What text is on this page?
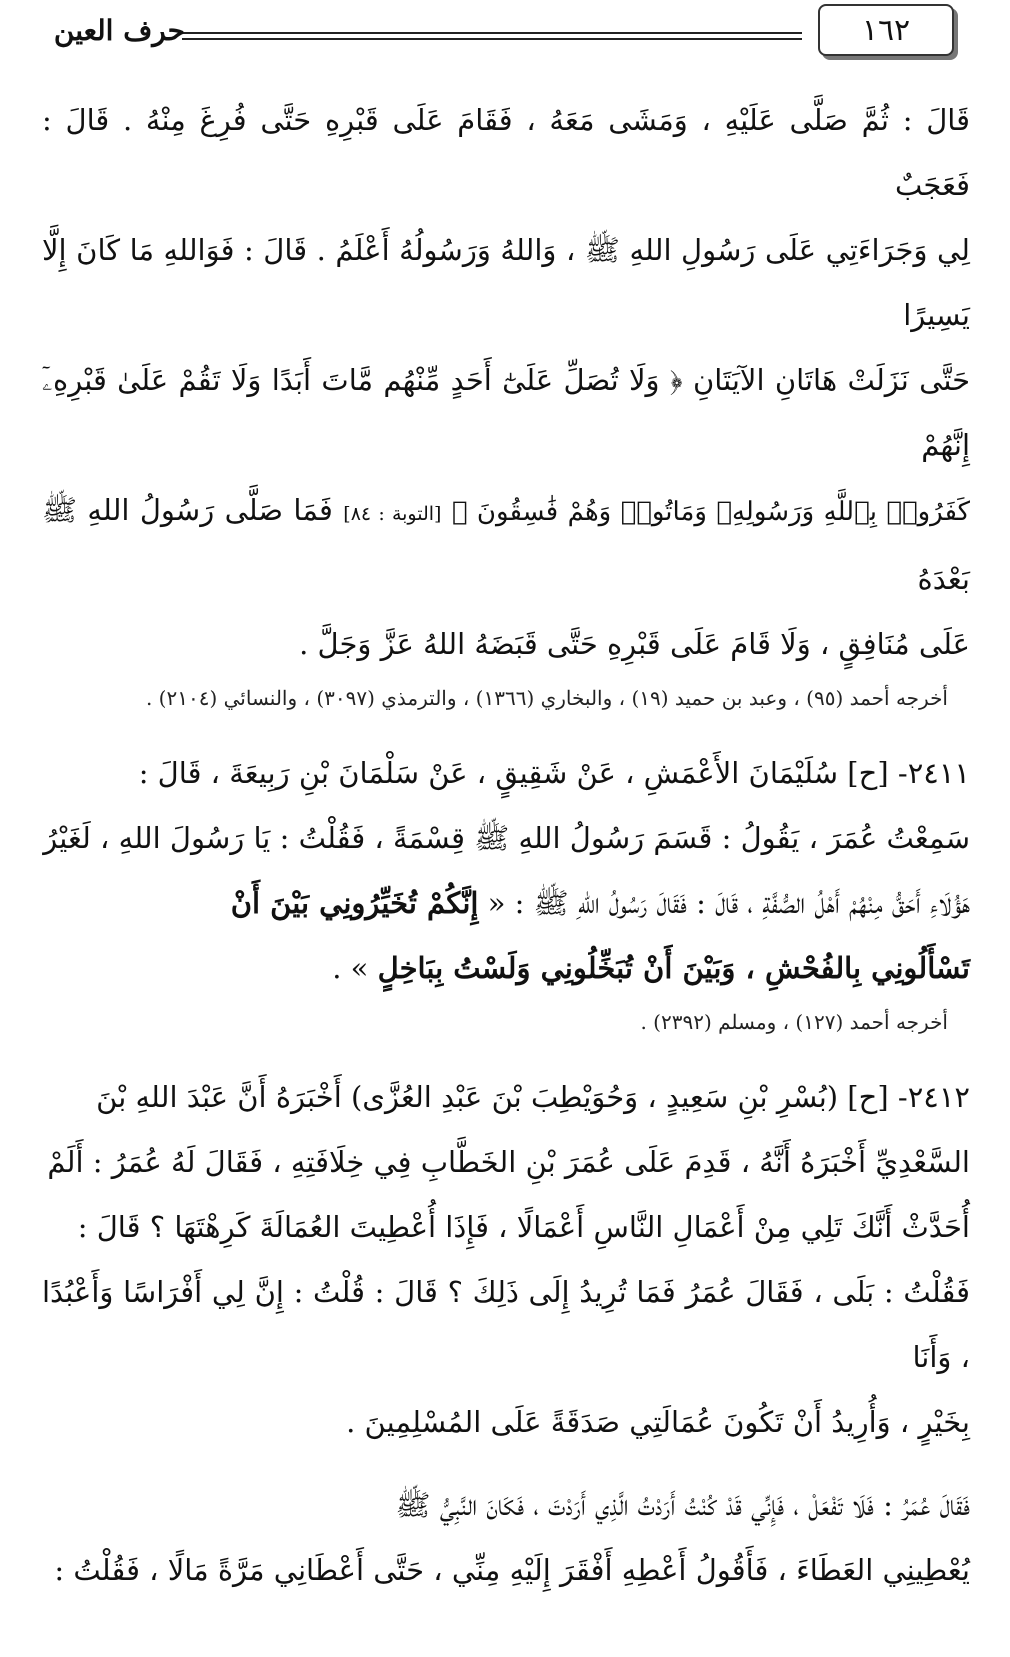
١٦٢
حرف العين

قَالَ : ثُمَّ صَلَّى عَلَيْهِ ، وَمَشَى مَعَهُ ، فَقَامَ عَلَى قَبْرِهِ حَتَّى فُرِغَ مِنْهُ . قَالَ : فَعَجَبٌ

لِي وَجَرَاءَتِي عَلَى رَسُولِ اللهِ ﷺ ، وَاللهُ وَرَسُولُهُ أَعْلَمُ . قَالَ : فَوَاللهِ مَا كَانَ إِلَّا يَسِيرًا

حَتَّى نَزَلَتْ هَاتَانِ الآيَتَانِ ﴿ وَلَا تُصَلِّ عَلَىٰٓ أَحَدٍ مِّنْهُم مَّاتَ أَبَدًا وَلَا تَقُمْ عَلَىٰ قَبْرِهِۦٓ إِنَّهُمْ

كَفَرُوا۟ بِٱللَّهِ وَرَسُولِهِۦ وَمَاتُوا۟ وَهُمْ فَٰسِقُونَ ﴾ [التوبة : ٨٤] فَمَا صَلَّى رَسُولُ اللهِ ﷺ بَعْدَهُ

عَلَى مُنَافِقٍ ، وَلَا قَامَ عَلَى قَبْرِهِ حَتَّى قَبَضَهُ اللهُ عَزَّ وَجَلَّ .

أخرجه أحمد (٩٥) ، وعبد بن حميد (١٩) ، والبخاري (١٣٦٦) ، والترمذي (٣٠٩٧) ، والنسائي (٢١٠٤) .

٢٤١١- [ح] سُلَيْمَانَ الأَعْمَشِ ، عَنْ شَقِيقٍ ، عَنْ سَلْمَانَ بْنِ رَبِيعَةَ ، قَالَ :

سَمِعْتُ عُمَرَ ، يَقُولُ : قَسَمَ رَسُولُ اللهِ ﷺ قِسْمَةً ، فَقُلْتُ : يَا رَسُولَ اللهِ ، لَغَيْرُ

هَؤُلَاءِ أَحَقُّ مِنْهُمْ أَهْلُ الصُّفَّةِ ، قَالَ : فَقَالَ رَسُولُ اللهِ ﷺ : « إِنَّكُمْ تُخَيِّرُونِي بَيْنَ أَنْ

تَسْأَلُونِي بِالفُحْشِ ، وَبَيْنَ أَنْ تُبَخِّلُونِي وَلَسْتُ بِبَاخِلٍ » .

أخرجه أحمد (١٢٧) ، ومسلم (٢٣٩٢) .

٢٤١٢- [ح] (بُسْرِ بْنِ سَعِيدٍ ، وَحُوَيْطِبَ بْنَ عَبْدِ العُزَّى) أَخْبَرَهُ أَنَّ عَبْدَ اللهِ بْنَ

السَّعْدِيِّ أَخْبَرَهُ أَنَّهُ ، قَدِمَ عَلَى عُمَرَ بْنِ الخَطَّابِ فِي خِلَافَتِهِ ، فَقَالَ لَهُ عُمَرُ : أَلَمْ

أُحَدَّثْ أَنَّكَ تَلِي مِنْ أَعْمَالِ النَّاسِ أَعْمَالًا ، فَإِذَا أُعْطِيتَ العُمَالَةَ كَرِهْتَهَا ؟ قَالَ :

فَقُلْتُ : بَلَى ، فَقَالَ عُمَرُ فَمَا تُرِيدُ إِلَى ذَلِكَ ؟ قَالَ : قُلْتُ : إِنَّ لِي أَفْرَاسًا وَأَعْبُدًا ، وَأَنَا

بِخَيْرٍ ، وَأُرِيدُ أَنْ تَكُونَ عُمَالَتِي صَدَقَةً عَلَى المُسْلِمِينَ .

فَقَالَ عُمَرُ : فَلَا تَفْعَلْ ، فَإِنِّي قَدْ كُنْتُ أَرَدْتُ الَّذِي أَرَدْتَ ، فَكَانَ النَّبِيُّ ﷺ

يُعْطِينِي العَطَاءَ ، فَأَقُولُ أَعْطِهِ أَفْقَرَ إِلَيْهِ مِنِّي ، حَتَّى أَعْطَانِي مَرَّةً مَالًا ، فَقُلْتُ :
